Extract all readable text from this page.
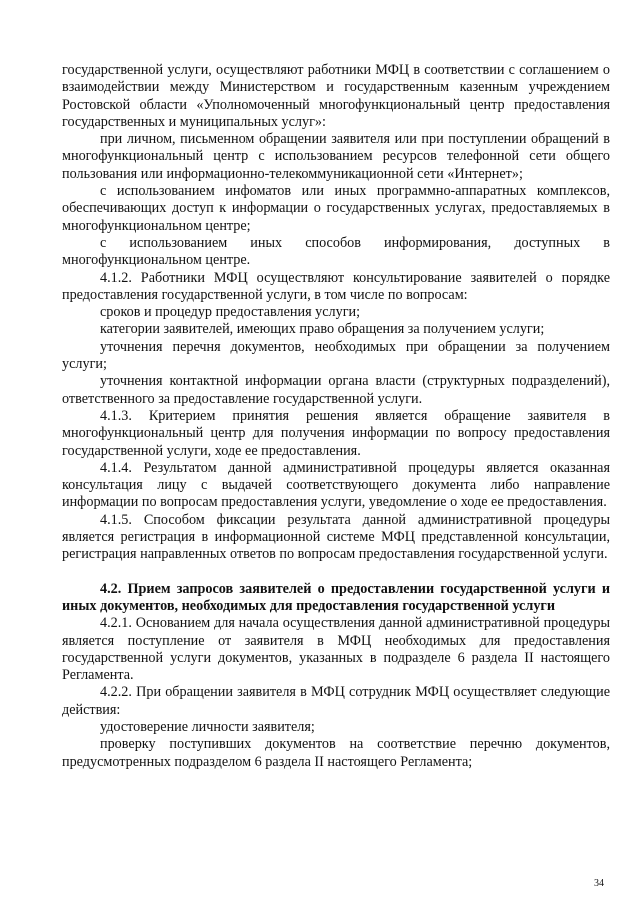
государственной услуги, осуществляют работники МФЦ в соответствии с соглашением о взаимодействии между Министерством и государственным казенным учреждением Ростовской области «Уполномоченный многофункциональный центр предоставления государственных и муниципальных услуг»:

при личном, письменном обращении заявителя или при поступлении обращений в многофункциональный центр с использованием ресурсов телефонной сети общего пользования или информационно-телекоммуникационной сети «Интернет»;

с использованием инфоматов или иных программно-аппаратных комплексов, обеспечивающих доступ к информации о государственных услугах, предоставляемых в многофункциональном центре;

с использованием иных способов информирования, доступных в многофункциональном центре.

4.1.2. Работники МФЦ осуществляют консультирование заявителей о порядке предоставления государственной услуги, в том числе по вопросам:

сроков и процедур предоставления услуги;

категории заявителей, имеющих право обращения за получением услуги;

уточнения перечня документов, необходимых при обращении за получением услуги;

уточнения контактной информации органа власти (структурных подразделений), ответственного за предоставление государственной услуги.

4.1.3. Критерием принятия решения является обращение заявителя в многофункциональный центр для получения информации по вопросу предоставления государственной услуги, ходе ее предоставления.

4.1.4. Результатом данной административной процедуры является оказанная консультация лицу с выдачей соответствующего документа либо направление информации по вопросам предоставления услуги, уведомление о ходе ее предоставления.

4.1.5. Способом фиксации результата данной административной процедуры является регистрация в информационной системе МФЦ представленной консультации, регистрация направленных ответов по вопросам предоставления государственной услуги.

4.2. Прием запросов заявителей о предоставлении государственной услуги и иных документов, необходимых для предоставления государственной услуги

4.2.1. Основанием для начала осуществления данной административной процедуры является поступление от заявителя в МФЦ необходимых для предоставления государственной услуги документов, указанных в подразделе 6 раздела II настоящего Регламента.

4.2.2. При обращении заявителя в МФЦ сотрудник МФЦ осуществляет следующие действия:

удостоверение личности заявителя;

проверку поступивших документов на соответствие перечню документов, предусмотренных подразделом 6 раздела II настоящего Регламента;

34
